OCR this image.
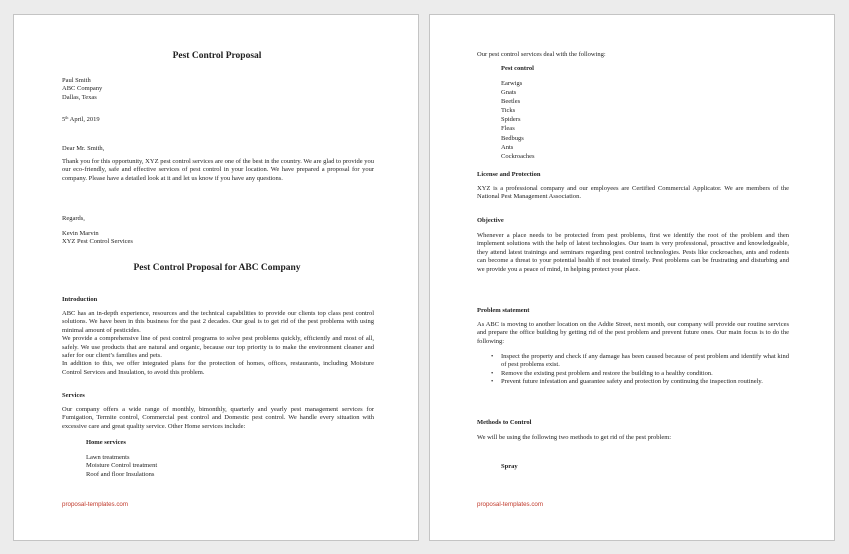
Pest Control Proposal
Paul Smith
ABC Company
Dallas, Texas
5th April, 2019
Dear Mr. Smith,
Thank you for this opportunity, XYZ pest control services are one of the best in the country. We are glad to provide you our eco-friendly, safe and effective services of pest control in your location. We have prepared a proposal for your company. Please have a detailed look at it and let us know if you have any questions.
Regards,
Kevin Marvin
XYZ Pest Control Services
Pest Control Proposal for ABC Company
Introduction
ABC has an in-depth experience, resources and the technical capabilities to provide our clients top class pest control solutions. We have been in this business for the past 2 decades. Our goal is to get rid of the pest problems with using minimal amount of pesticides.
We provide a comprehensive line of pest control programs to solve pest problems quickly, efficiently and most of all, safely. We use products that are natural and organic, because our top priority is to make the environment cleaner and safer for our client’s families and pets.
In addition to this, we offer integrated plans for the protection of homes, offices, restaurants, including Moisture Control Services and Insulation, to avoid this problem.
Services
Our company offers a wide range of monthly, bimonthly, quarterly and yearly pest management services for Fumigation, Termite control, Commercial pest control and Domestic pest control. We handle every situation with excessive care and great quality service. Other Home services include:
Home services
Lawn treatments
Moisture Control treatment
Roof and floor Insulations
proposal-templates.com
Our pest control services deal with the following:
Pest control
Earwigs
Gnats
Beetles
Ticks
Spiders
Fleas
Bedbugs
Ants
Cockroaches
License and Protection
XYZ is a professional company and our employees are Certified Commercial Applicator. We are members of the National Pest Management Association.
Objective
Whenever a place needs to be protected from pest problems, first we identify the root of the problem and then implement solutions with the help of latest technologies. Our team is very professional, proactive and knowledgeable, they attend latest trainings and seminars regarding pest control technologies. Pests like cockroaches, ants and rodents can become a threat to your potential health if not treated timely. Pest problems can be frustrating and disturbing and we provide you a peace of mind, in helping protect your place.
Problem statement
As ABC is moving to another location on the Addie Street, next month, our company will provide our routine services and prepare the office building by getting rid of the pest problem and prevent future ones. Our main focus is to do the following:
• Inspect the property and check if any damage has been caused because of pest problem and identify what kind of pest problems exist.
• Remove the existing pest problem and restore the building to a healthy condition.
• Prevent future infestation and guarantee safety and protection by continuing the inspection routinely.
Methods to Control
We will be using the following two methods to get rid of the pest problem:
Spray
proposal-templates.com
